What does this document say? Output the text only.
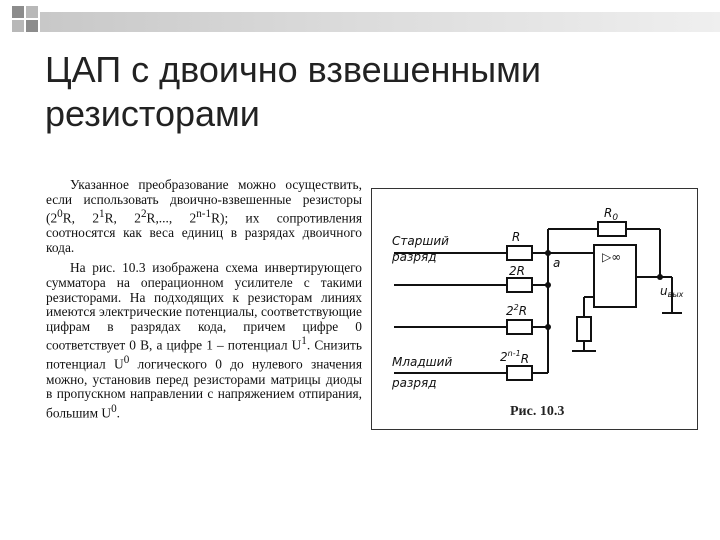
ЦАП с двоично взвешенными
резисторами

Указанное преобразование можно осуществить, если использовать двоично-взвешенные резисторы ($2^0R$, $2^1R$, $2^2R$,..., 2$^{n-1}$R); их сопротивления соотносятся как веса единиц в разрядах двоичного кода.

На рис. 10.3 изображена схема инвертирующего сумматора на операционном усилителе с такими резисторами. На подходящих к резисторам линиях имеются электрические потенциалы, соответствующие цифрам в разрядах кода, причем цифре 0 соответствует 0 В, а цифре 1 – потенциал $U^1$. Снизить потенциал $U^0$ логического 0 до нулевого значения можно, установив перед резисторами матрицы диоды в пропускном направлении с напряжением отпирания, большим $U^0$.

Старший
разряд
Младший
разряд
$R_0$
R
2R
$2^2R$
2$^{n-1}$R
a	▷∞
uвых
Рис. 10.3
